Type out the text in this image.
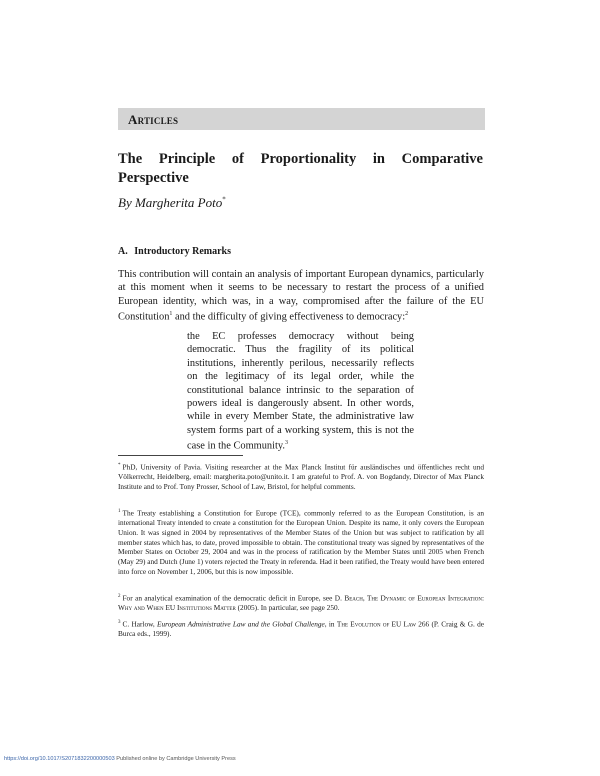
Articles
The Principle of Proportionality in Comparative Perspective
By Margherita Poto*
A. Introductory Remarks
This contribution will contain an analysis of important European dynamics, particularly at this moment when it seems to be necessary to restart the process of a unified European identity, which was, in a way, compromised after the failure of the EU Constitution$^1$ and the difficulty of giving effectiveness to democracy:$^2$
the EC professes democracy without being democratic. Thus the fragility of its political institutions, inherently perilous, necessarily reflects on the legitimacy of its legal order, while the constitutional balance intrinsic to the separation of powers ideal is dangerously absent. In other words, while in every Member State, the administrative law system forms part of a working system, this is not the case in the Community.$^3$
* PhD, University of Pavia. Visiting researcher at the Max Planck Institut für ausländisches und öffentliches recht und Völkerrecht, Heidelberg, email: margherita.poto@unito.it. I am grateful to Prof. A. von Bogdandy, Director of Max Planck Institute and to Prof. Tony Prosser, School of Law, Bristol, for helpful comments.
$^1$ The Treaty establishing a Constitution for Europe (TCE), commonly referred to as the European Constitution, is an international Treaty intended to create a constitution for the European Union. Despite its name, it only covers the European Union. It was signed in 2004 by representatives of the Member States of the Union but was subject to ratification by all member states which has, to date, proved impossible to obtain. The constitutional treaty was signed by representatives of the Member States on October 29, 2004 and was in the process of ratification by the Member States until 2005 when French (May 29) and Dutch (June 1) voters rejected the Treaty in referenda. Had it been ratified, the Treaty would have been entered into force on November 1, 2006, but this is now impossible.
$^2$ For an analytical examination of the democratic deficit in Europe, see D. Beach, The Dynamic of European Integration: Why and When EU Institutions Matter (2005). In particular, see page 250.
$^3$ C. Harlow, European Administrative Law and the Global Challenge, in The Evolution of EU Law 266 (P. Craig & G. de Burca eds., 1999).
https://doi.org/10.1017/S2071832200000503 Published online by Cambridge University Press
